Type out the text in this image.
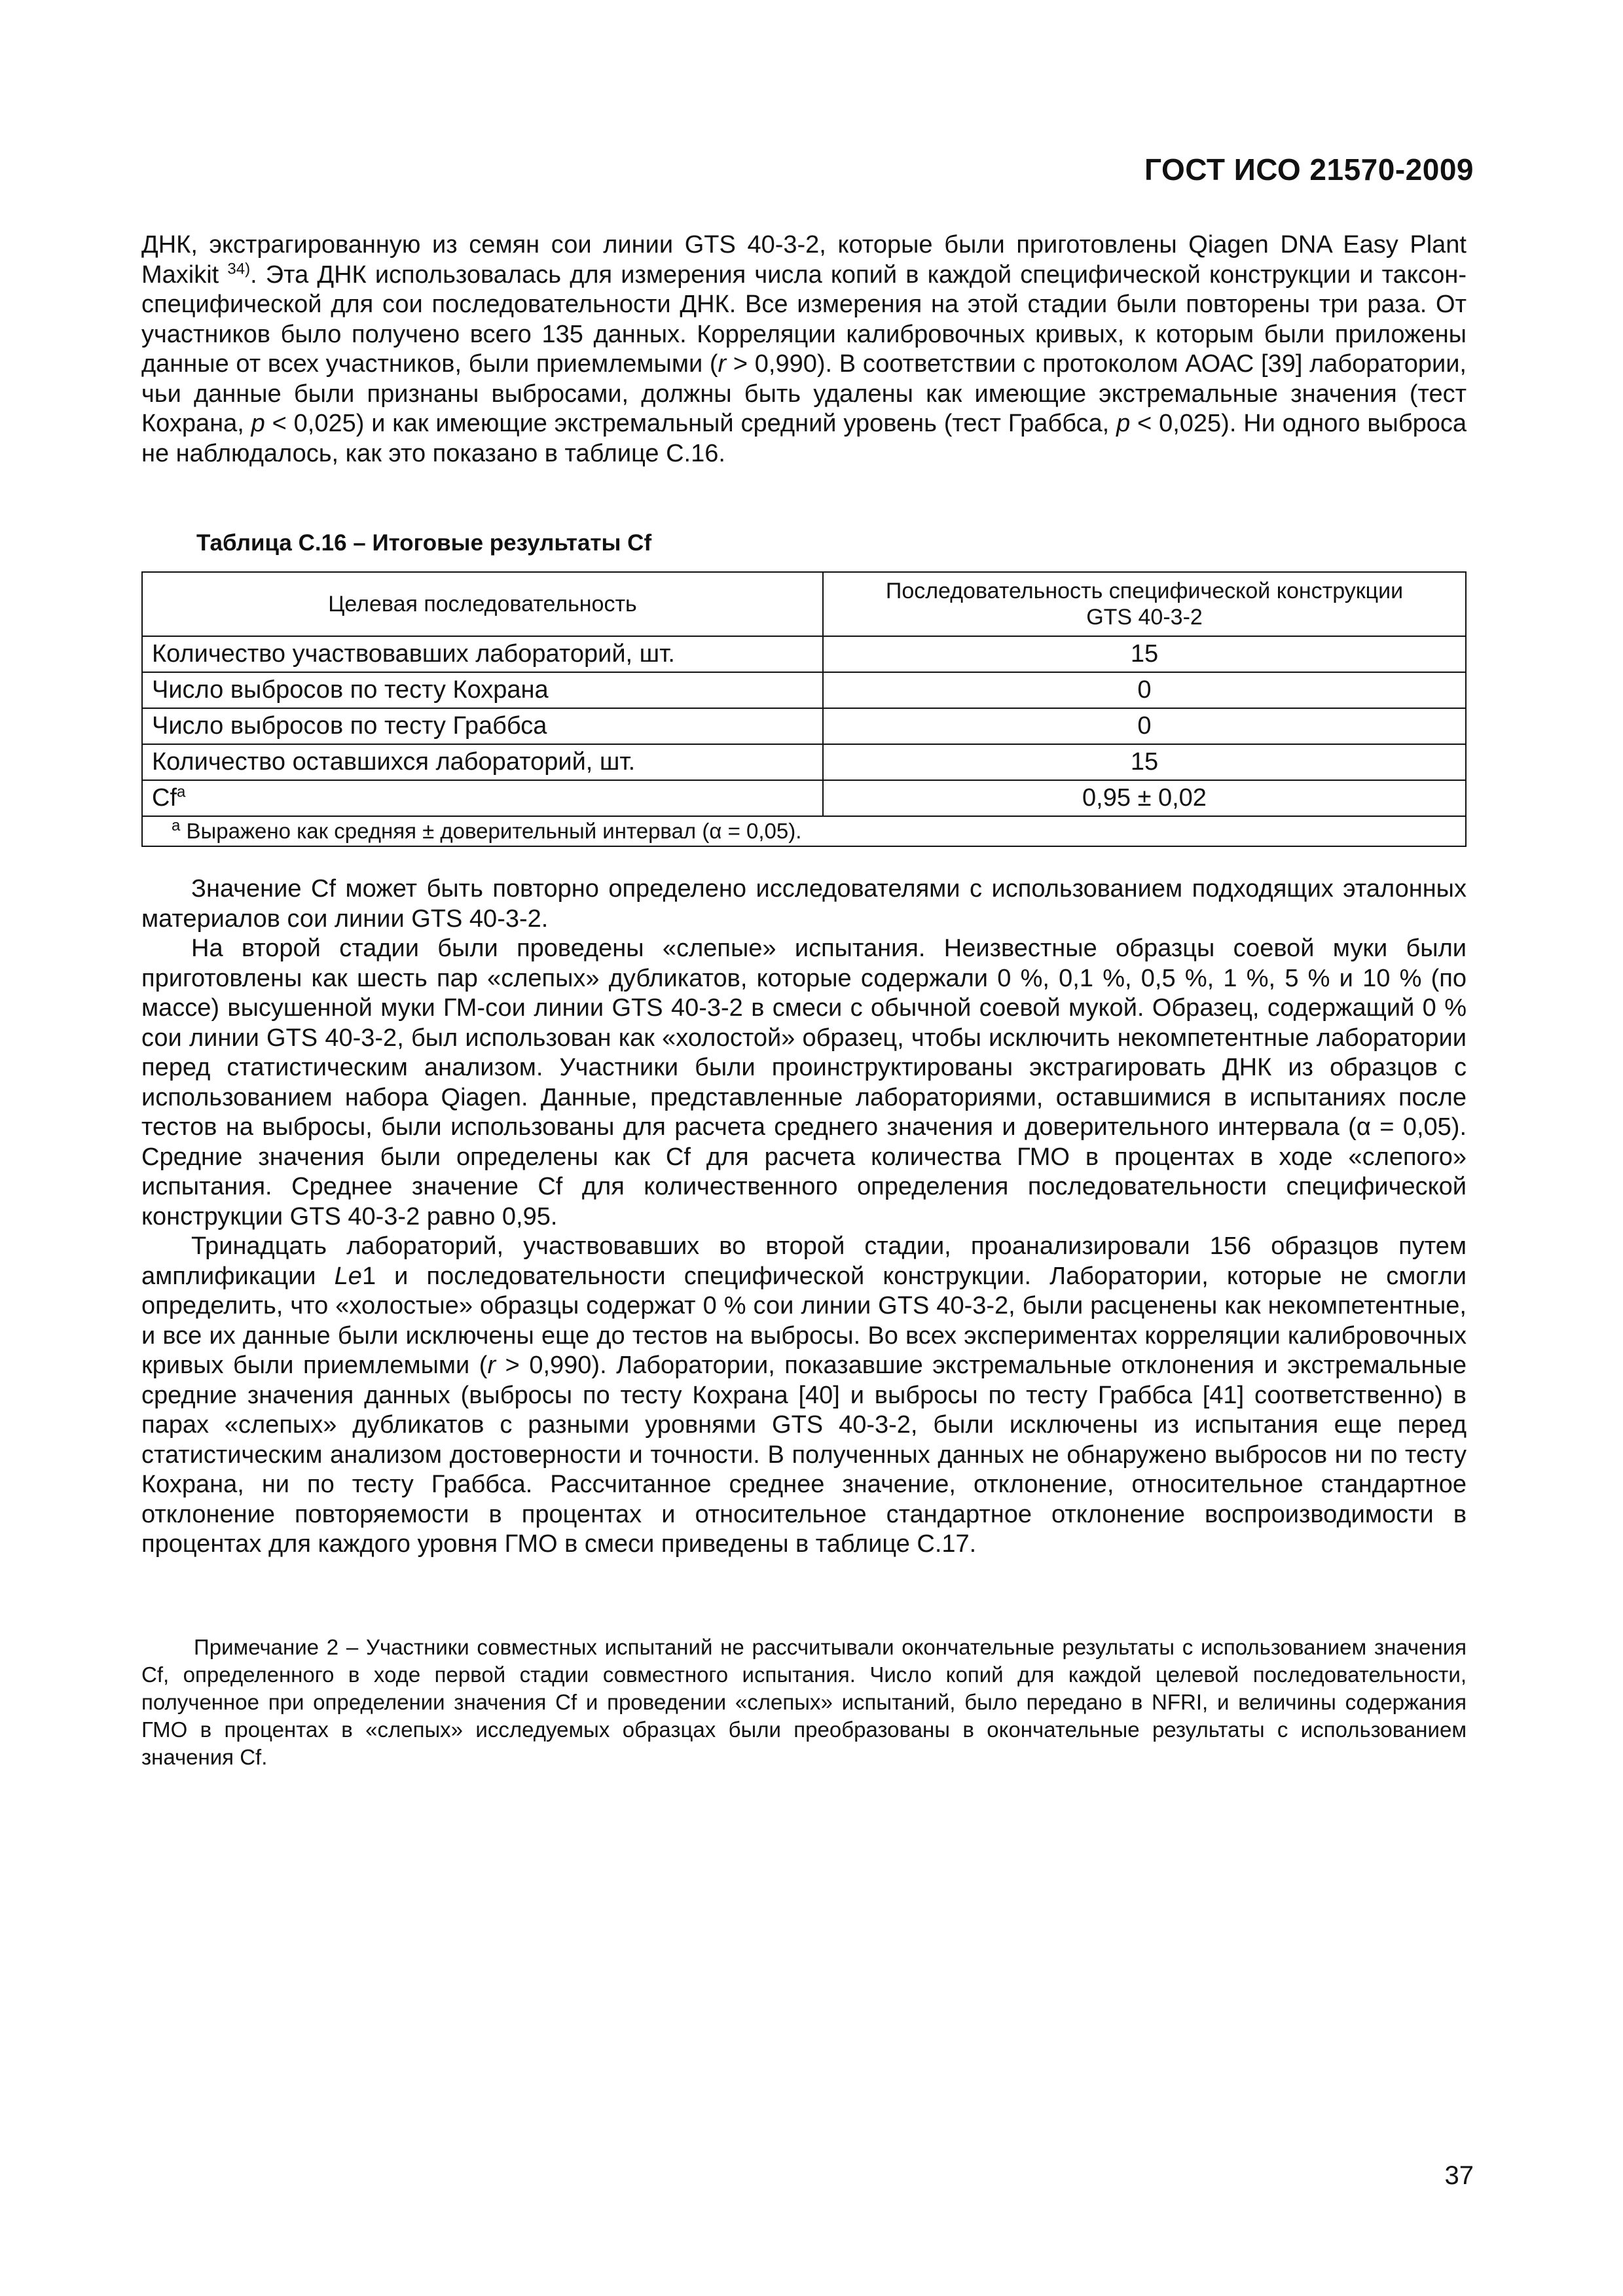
ГОСТ ИСО 21570-2009

ДНК, экстрагированную из семян сои линии GTS 40-3-2, которые были приготовлены Qiagen DNA Easy Plant Maxikit $^{34)}$. Эта ДНК использовалась для измерения числа копий в каждой специфической конструкции и таксон-специфической для сои последовательности ДНК. Все измерения на этой стадии были повторены три раза. От участников было получено всего 135 данных. Корреляции калибровочных кривых, к которым были приложены данные от всех участников, были приемлемыми (r > 0,990). В соответствии с протоколом АОАС [39] лаборатории, чьи данные были признаны выбросами, должны быть удалены как имеющие экстремальные значения (тест Кохрана, p < 0,025) и как имеющие экстремальный средний уровень (тест Граббса, p < 0,025). Ни одного выброса не наблюдалось, как это показано в таблице С.16.

Таблица С.16 – Итоговые результаты Cf
Целевая последовательность	Последовательность специфической конструкции
GTS 40-3-2
Количество участвовавших лабораторий, шт.	15
Число выбросов по тесту Кохрана	0
Число выбросов по тесту Граббса	0
Количество оставшихся лабораторий, шт.	15
Cf$^a$	0,95 ± 0,02
$^a$ Выражено как средняя ± доверительный интервал (α = 0,05).	

Значение Cf может быть повторно определено исследователями с использованием подходящих эталонных материалов сои линии GTS 40-3-2.

На второй стадии были проведены «слепые» испытания. Неизвестные образцы соевой муки были приготовлены как шесть пар «слепых» дубликатов, которые содержали 0 %, 0,1 %, 0,5 %, 1 %, 5 % и 10 % (по массе) высушенной муки ГМ-сои линии GTS 40-3-2 в смеси с обычной соевой мукой. Образец, содержащий 0 % сои линии GTS 40-3-2, был использован как «холостой» образец, чтобы исключить некомпетентные лаборатории перед статистическим анализом. Участники были проинструктированы экстрагировать ДНК из образцов с использованием набора Qiagen. Данные, представленные лабораториями, оставшимися в испытаниях после тестов на выбросы, были использованы для расчета среднего значения и доверительного интервала (α = 0,05). Средние значения были определены как Cf для расчета количества ГМО в процентах в ходе «слепого» испытания. Среднее значение Cf для количественного определения последовательности специфической конструкции GTS 40-3-2 равно 0,95.

Тринадцать лабораторий, участвовавших во второй стадии, проанализировали 156 образцов путем амплификации Le1 и последовательности специфической конструкции. Лаборатории, которые не смогли определить, что «холостые» образцы содержат 0 % сои линии GTS 40-3-2, были расценены как некомпетентные, и все их данные были исключены еще до тестов на выбросы. Во всех экспериментах корреляции калибровочных кривых были приемлемыми (r > 0,990). Лаборатории, показавшие экстремальные отклонения и экстремальные средние значения данных (выбросы по тесту Кохрана [40] и выбросы по тесту Граббса [41] соответственно) в парах «слепых» дубликатов с разными уровнями GTS 40-3-2, были исключены из испытания еще перед статистическим анализом достоверности и точности. В полученных данных не обнаружено выбросов ни по тесту Кохрана, ни по тесту Граббса. Рассчитанное среднее значение, отклонение, относительное стандартное отклонение повторяемости в процентах и относительное стандартное отклонение воспроизводимости в процентах для каждого уровня ГМО в смеси приведены в таблице С.17.

Примечание 2 – Участники совместных испытаний не рассчитывали окончательные результаты с использованием значения Cf, определенного в ходе первой стадии совместного испытания. Число копий для каждой целевой последовательности, полученное при определении значения Cf и проведении «слепых» испытаний, было передано в NFRI, и величины содержания ГМО в процентах в «слепых» исследуемых образцах были преобразованы в окончательные результаты с использованием значения Cf.

37
